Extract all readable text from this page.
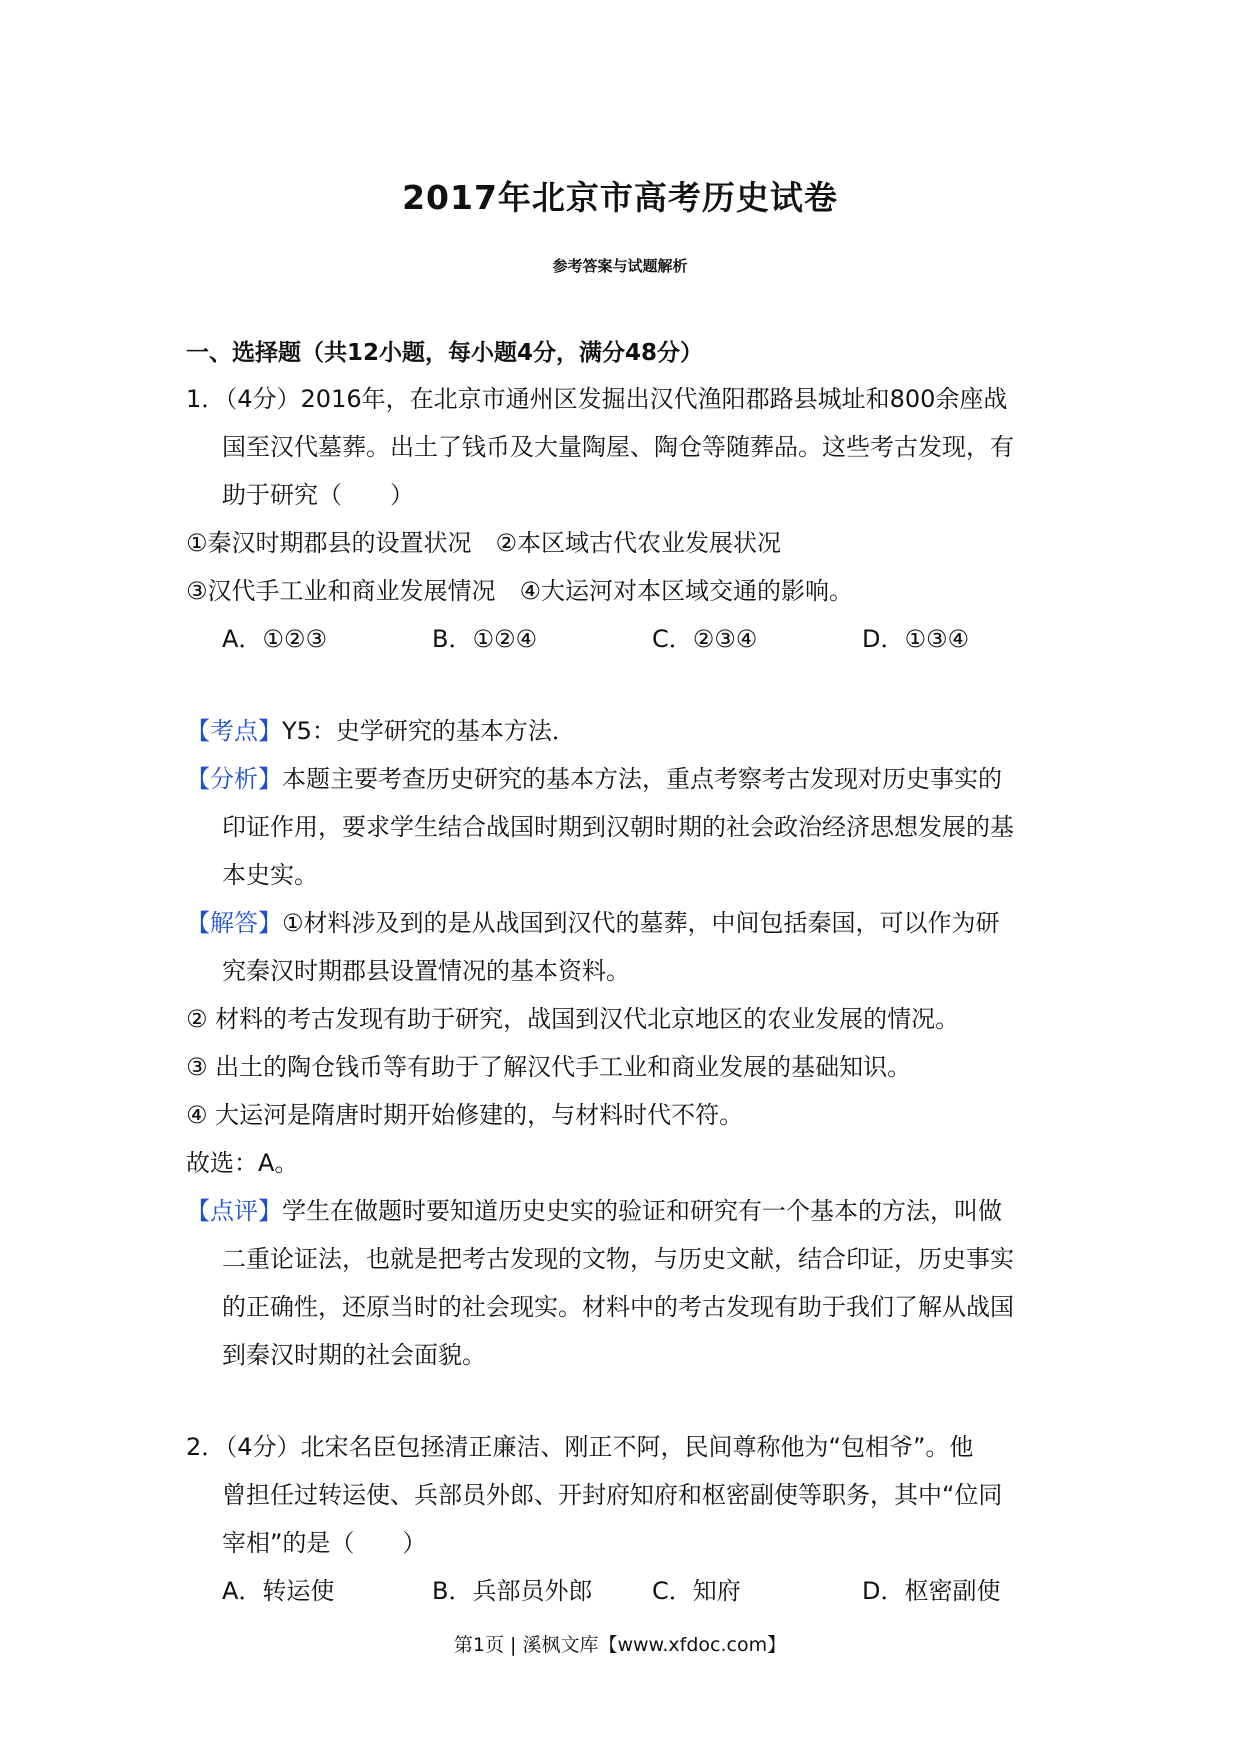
2017年北京市高考历史试卷
参考答案与试题解析
一、选择题（共12小题，每小题4分，满分48分）
1．（4分）2016年，在北京市通州区发掘出汉代渔阳郡路县城址和800余座战
国至汉代墓葬。出土了钱币及大量陶屋、陶仓等随葬品。这些考古发现，有
助于研究（　　）
①秦汉时期郡县的设置状况　②本区域古代农业发展状况
③汉代手工业和商业发展情况　④大运河对本区域交通的影响。
A．①②③	B．①②④	C．②③④	D．①③④
【考点】Y5：史学研究的基本方法．
【分析】本题主要考查历史研究的基本方法，重点考察考古发现对历史事实的
印证作用，要求学生结合战国时期到汉朝时期的社会政治经济思想发展的基
本史实。
【解答】①材料涉及到的是从战国到汉代的墓葬，中间包括秦国，可以作为研
究秦汉时期郡县设置情况的基本资料。
② 材料的考古发现有助于研究，战国到汉代北京地区的农业发展的情况。
③ 出土的陶仓钱币等有助于了解汉代手工业和商业发展的基础知识。
④ 大运河是隋唐时期开始修建的，与材料时代不符。
故选：A。
【点评】学生在做题时要知道历史史实的验证和研究有一个基本的方法，叫做
二重论证法，也就是把考古发现的文物，与历史文献，结合印证，历史事实
的正确性，还原当时的社会现实。材料中的考古发现有助于我们了解从战国
到秦汉时期的社会面貌。
2．（4分）北宋名臣包拯清正廉洁、刚正不阿，民间尊称他为“包相爷”。他
曾担任过转运使、兵部员外郎、开封府知府和枢密副使等职务，其中“位同
宰相”的是（　　）
A．转运使	B．兵部员外郎	C．知府	D．枢密副使
第1页 | 溪枫文库【www.xfdoc.com】
